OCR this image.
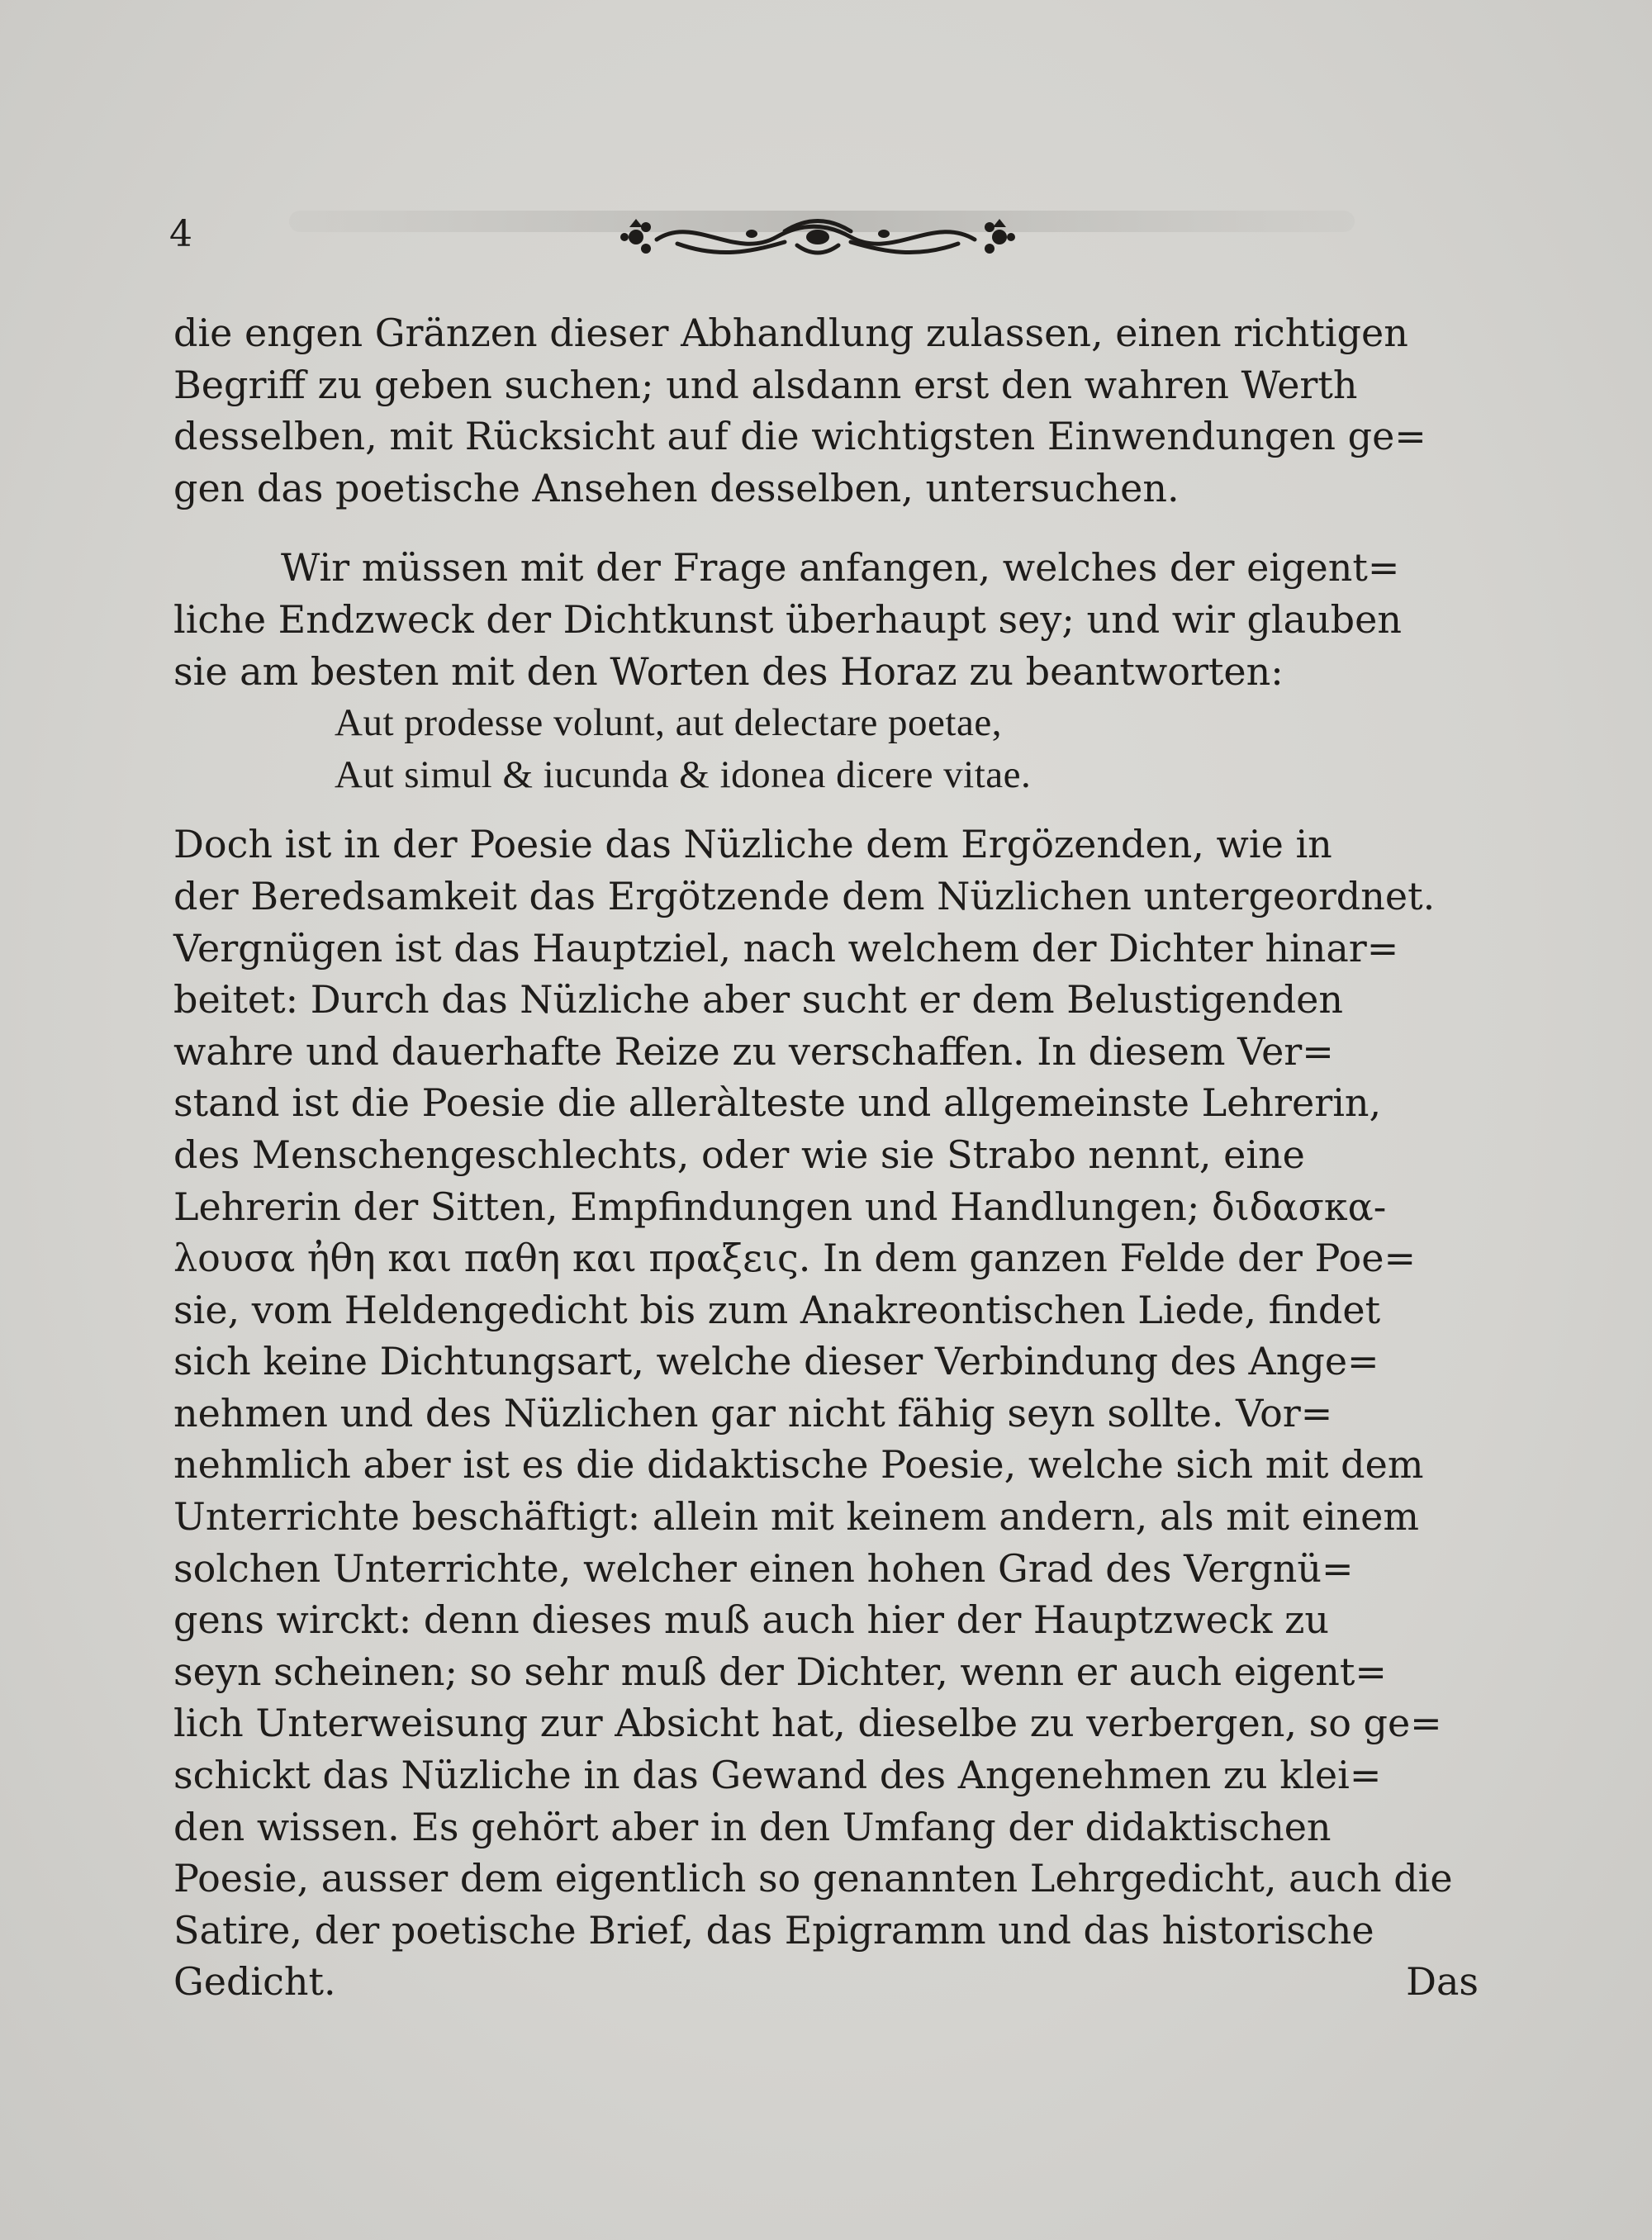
4

die engen Gränzen dieser Abhandlung zulassen, einen richtigen

Begriff zu geben suchen; und alsdann erst den wahren Werth

desselben, mit Rücksicht auf die wichtigsten Einwendungen ge=

gen das poetische Ansehen desselben, untersuchen.

Wir müssen mit der Frage anfangen, welches der eigent=

liche Endzweck der Dichtkunst überhaupt sey; und wir glauben

sie am besten mit den Worten des Horaz zu beantworten:

Aut prodesse volunt, aut delectare poetae,

Aut simul & iucunda & idonea dicere vitae.

Doch ist in der Poesie das Nüzliche dem Ergözenden, wie in

der Beredsamkeit das Ergötzende dem Nüzlichen untergeordnet.

Vergnügen ist das Hauptziel, nach welchem der Dichter hinar=

beitet: Durch das Nüzliche aber sucht er dem Belustigenden

wahre und dauerhafte Reize zu verschaffen. In diesem Ver=

stand ist die Poesie die alleràlteste und allgemeinste Lehrerin,

des Menschengeschlechts, oder wie sie Strabo nennt, eine

Lehrerin der Sitten, Empfindungen und Handlungen; διδασκα-

λουσα ἠθη και παθη και πραξεις. In dem ganzen Felde der Poe=

sie, vom Heldengedicht bis zum Anakreontischen Liede, findet

sich keine Dichtungsart, welche dieser Verbindung des Ange=

nehmen und des Nüzlichen gar nicht fähig seyn sollte. Vor=

nehmlich aber ist es die didaktische Poesie, welche sich mit dem

Unterrichte beschäftigt: allein mit keinem andern, als mit einem

solchen Unterrichte, welcher einen hohen Grad des Vergnü=

gens wirckt: denn dieses muß auch hier der Hauptzweck zu

seyn scheinen; so sehr muß der Dichter, wenn er auch eigent=

lich Unterweisung zur Absicht hat, dieselbe zu verbergen, so ge=

schickt das Nüzliche in das Gewand des Angenehmen zu klei=

den wissen. Es gehört aber in den Umfang der didaktischen

Poesie, ausser dem eigentlich so genannten Lehrgedicht, auch die

Satire, der poetische Brief, das Epigramm und das historische

Gedicht.	Das
